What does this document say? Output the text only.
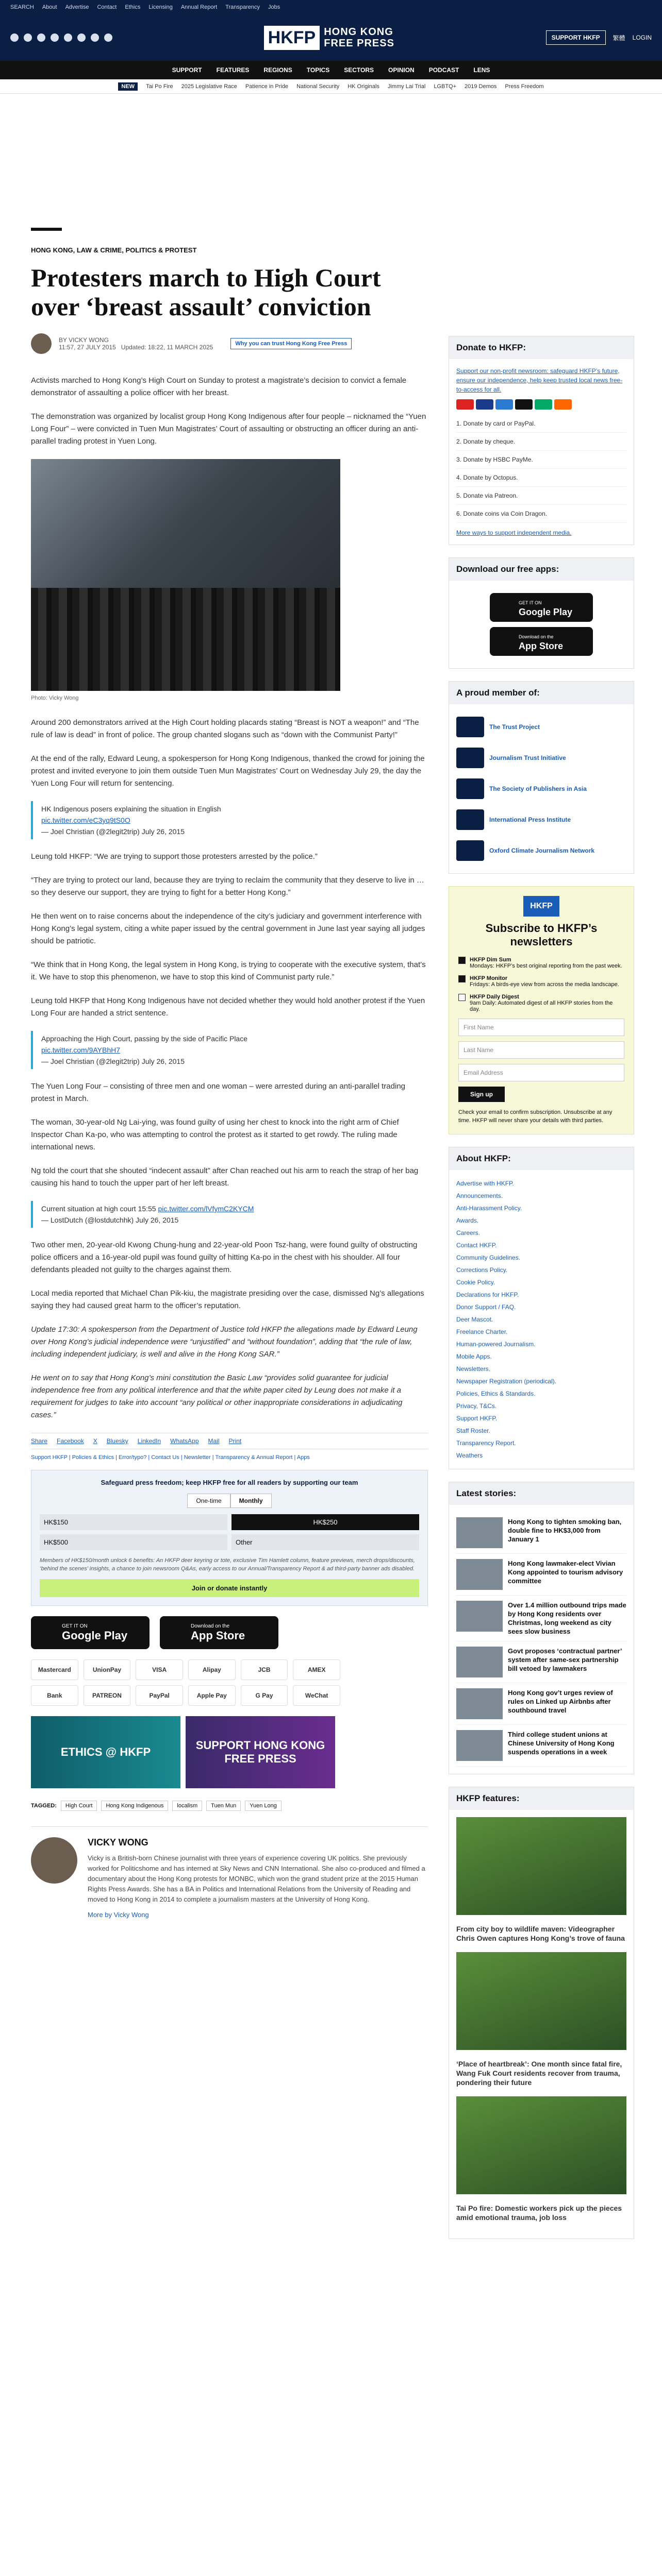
SEARCH About Advertise Contact Ethics Licensing Annual Report Transparency Jobs
HKFP HONG KONG
FREE PRESS	SUPPORT HKFP	繁體 LOGIN
SUPPORT FEATURES REGIONS TOPICS SECTORS OPINION PODCAST LENS
NEW	Tai Po Fire 2025 Legislative Race Patience in Pride National Security HK Originals Jimmy Lai Trial LGBTQ+ 2019 Demos Press Freedom
HONG KONG, LAW & CRIME, POLITICS & PROTEST
Protesters march to High Court over ‘breast assault’ conviction
BY VICKY WONG
11:57, 27 JULY 2015 Updated: 18:22, 11 MARCH 2025	Why you can trust Hong Kong Free Press

Activists marched to Hong Kong’s High Court on Sunday to protest a magistrate’s decision to convict a female demonstrator of assaulting a police officer with her breast.

The demonstration was organized by localist group Hong Kong Indigenous after four people – nicknamed the “Yuen Long Four” – were convicted in Tuen Mun Magistrates’ Court of assaulting or obstructing an officer during an anti-parallel trading protest in Yuen Long.

Photo: Vicky Wong

Around 200 demonstrators arrived at the High Court holding placards stating “Breast is NOT a weapon!” and “The rule of law is dead” in front of police. The group chanted slogans such as “down with the Communist Party!”

At the end of the rally, Edward Leung, a spokesperson for Hong Kong Indigenous, thanked the crowd for joining the protest and invited everyone to join them outside Tuen Mun Magistrates’ Court on Wednesday July 29, the day the Yuen Long Four will return for sentencing.

HK Indigenous posers explaining the situation in English
pic.twitter.com/eC3yq9tS0O
— Joel Christian (@2legit2trip) July 26, 2015

Leung told HKFP: “We are trying to support those protesters arrested by the police.”

“They are trying to protect our land, because they are trying to reclaim the community that they deserve to live in … so they deserve our support, they are trying to fight for a better Hong Kong.”

He then went on to raise concerns about the independence of the city’s judiciary and government interference with Hong Kong’s legal system, citing a white paper issued by the central government in June last year saying all judges should be patriotic.

“We think that in Hong Kong, the legal system in Hong Kong, is trying to cooperate with the executive system, that’s it. We have to stop this phenomenon, we have to stop this kind of Communist party rule.”

Leung told HKFP that Hong Kong Indigenous have not decided whether they would hold another protest if the Yuen Long Four are handed a strict sentence.

Approaching the High Court, passing by the side of Pacific Place
pic.twitter.com/9AYBhH7
— Joel Christian (@2legit2trip) July 26, 2015

The Yuen Long Four – consisting of three men and one woman – were arrested during an anti-parallel trading protest in March.

The woman, 30-year-old Ng Lai-ying, was found guilty of using her chest to knock into the right arm of Chief Inspector Chan Ka-po, who was attempting to control the protest as it started to get rowdy. The ruling made international news.

Ng told the court that she shouted “indecent assault” after Chan reached out his arm to reach the strap of her bag causing his hand to touch the upper part of her left breast.

Current situation at high court 15:55 pic.twitter.com/lVfymC2KYCM
— LostDutch (@lostdutchhk) July 26, 2015

Two other men, 20-year-old Kwong Chung-hung and 22-year-old Poon Tsz-hang, were found guilty of obstructing police officers and a 16-year-old pupil was found guilty of hitting Ka-po in the chest with his shoulder. All four defendants pleaded not guilty to the charges against them.

Local media reported that Michael Chan Pik-kiu, the magistrate presiding over the case, dismissed Ng’s allegations saying they had caused great harm to the officer’s reputation.

Update 17:30: A spokesperson from the Department of Justice told HKFP the allegations made by Edward Leung over Hong Kong’s judicial independence were “unjustified” and “without foundation”, adding that “the rule of law, including independent judiciary, is well and alive in the Hong Kong SAR.”

He went on to say that Hong Kong’s mini constitution the Basic Law “provides solid guarantee for judicial independence free from any political interference and that the white paper cited by Leung does not make it a requirement for judges to take into account “any political or other inappropriate considerations in adjudicating cases.”

Share Facebook X Bluesky LinkedIn WhatsApp Mail Print
Support HKFP | Policies & Ethics | Error/typo? | Contact Us | Newsletter | Transparency & Annual Report | Apps
Safeguard press freedom; keep HKFP free for all readers by supporting our team
One-time	Monthly
HK$150	HK$250
HK$500	Other
Members of HK$150/month unlock 6 benefits: An HKFP deer keyring or tote, exclusive Tim Hamlett column, feature previews, merch drops/discounts, ‘behind the scenes’ insights, a chance to join newsroom Q&As, early access to our Annual/Transparency Report & ad third-party banner ads disabled.
Join or donate instantly
GET IT ON
Google Play
Download on the
App Store
Mastercard	UnionPay	VISA	Alipay	JCB	AMEX
Bank	PATREON	PayPal	Apple Pay	G Pay	WeChat
ETHICS @ HKFP
SUPPORT HONG KONG FREE PRESS
TAGGED:	High Court	Hong Kong Indigenous	localism	Tuen Mun	Yuen Long
VICKY WONG

Vicky is a British-born Chinese journalist with three years of experience covering UK politics. She previously worked for Politicshome and has interned at Sky News and CNN International. She also co-produced and filmed a documentary about the Hong Kong protests for MONBC, which won the grand student prize at the 2015 Human Rights Press Awards. She has a BA in Politics and International Relations from the University of Reading and moved to Hong Kong in 2014 to complete a journalism masters at the University of Hong Kong.

More by Vicky Wong

Donate to HKFP:
Support our non-profit newsroom: safeguard HKFP’s future, ensure our independence, help keep trusted local news free-to-access for all.
1. Donate by card or PayPal.
2. Donate by cheque.
3. Donate by HSBC PayMe.
4. Donate by Octopus.
5. Donate via Patreon.
6. Donate coins via Coin Dragon.
More ways to support independent media.
Download our free apps:
GET IT ON
Google Play
Download on the
App Store
A proud member of:
The Trust Project
Journalism Trust Initiative
The Society of Publishers in Asia
International Press Institute
Oxford Climate Journalism Network
HKFP
Subscribe to HKFP’s newsletters
HKFP Dim Sum
Mondays: HKFP’s best original reporting from the past week.
HKFP Monitor
Fridays: A birds-eye view from across the media landscape.
HKFP Daily Digest
9am Daily: Automated digest of all HKFP stories from the day.
First Name
Last Name
Email Address
Sign up
Check your email to confirm subscription. Unsubscribe at any time. HKFP will never share your details with third parties.
About HKFP:
Advertise with HKFP.
Announcements.
Anti-Harassment Policy.
Awards.
Careers.
Contact HKFP.
Community Guidelines.
Corrections Policy.
Cookie Policy.
Declarations for HKFP.
Donor Support / FAQ.
Deer Mascot.
Freelance Charter.
Human-powered Journalism.
Mobile Apps.
Newsletters.
Newspaper Registration (periodical).
Policies, Ethics & Standards.
Privacy, T&Cs.
Support HKFP.
Staff Roster.
Transparency Report.
Weathers
Latest stories:
Hong Kong to tighten smoking ban, double fine to HK$3,000 from January 1
Hong Kong lawmaker-elect Vivian Kong appointed to tourism advisory committee
Over 1.4 million outbound trips made by Hong Kong residents over Christmas, long weekend as city sees slow business
Govt proposes ‘contractual partner’ system after same-sex partnership bill vetoed by lawmakers
Hong Kong gov’t urges review of rules on Linked up Airbnbs after southbound travel
Third college student unions at Chinese University of Hong Kong suspends operations in a week
HKFP features:
From city boy to wildlife maven: Videographer Chris Owen captures Hong Kong’s trove of fauna
‘Place of heartbreak’: One month since fatal fire, Wang Fuk Court residents recover from trauma, pondering their future
Tai Po fire: Domestic workers pick up the pieces amid emotional trauma, job loss
